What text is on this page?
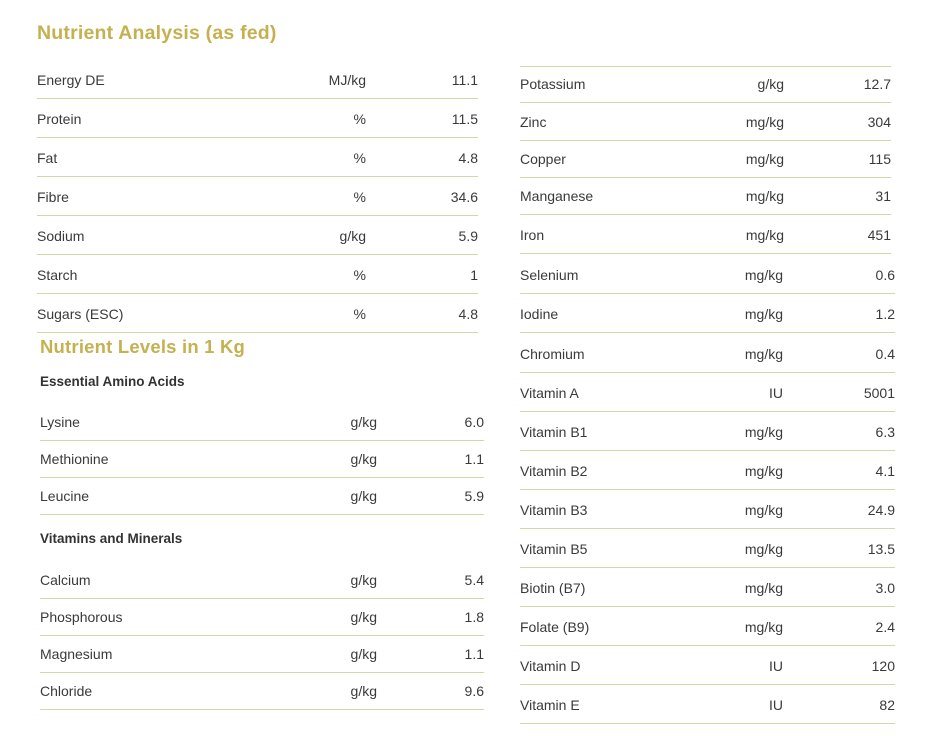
Nutrient Analysis (as fed)
Nutrient Levels in 1 Kg
Essential Amino Acids
Vitamins and Minerals
Energy DE	MJ/kg	11.1
Protein	%	11.5
Fat	%	4.8
Fibre	%	34.6
Sodium	g/kg	5.9
Starch	%	1
Sugars (ESC)	%	4.8
Lysine	g/kg	6.0
Methionine	g/kg	1.1
Leucine	g/kg	5.9
Calcium	g/kg	5.4
Phosphorous	g/kg	1.8
Magnesium	g/kg	1.1
Chloride	g/kg	9.6
Potassium	g/kg	12.7
Zinc	mg/kg	304
Copper	mg/kg	115
Manganese	mg/kg	31
Iron	mg/kg	451
Selenium	mg/kg	0.6
Iodine	mg/kg	1.2
Chromium	mg/kg	0.4
Vitamin A	IU	5001
Vitamin B1	mg/kg	6.3
Vitamin B2	mg/kg	4.1
Vitamin B3	mg/kg	24.9
Vitamin B5	mg/kg	13.5
Biotin (B7)	mg/kg	3.0
Folate (B9)	mg/kg	2.4
Vitamin D	IU	120
Vitamin E	IU	82
